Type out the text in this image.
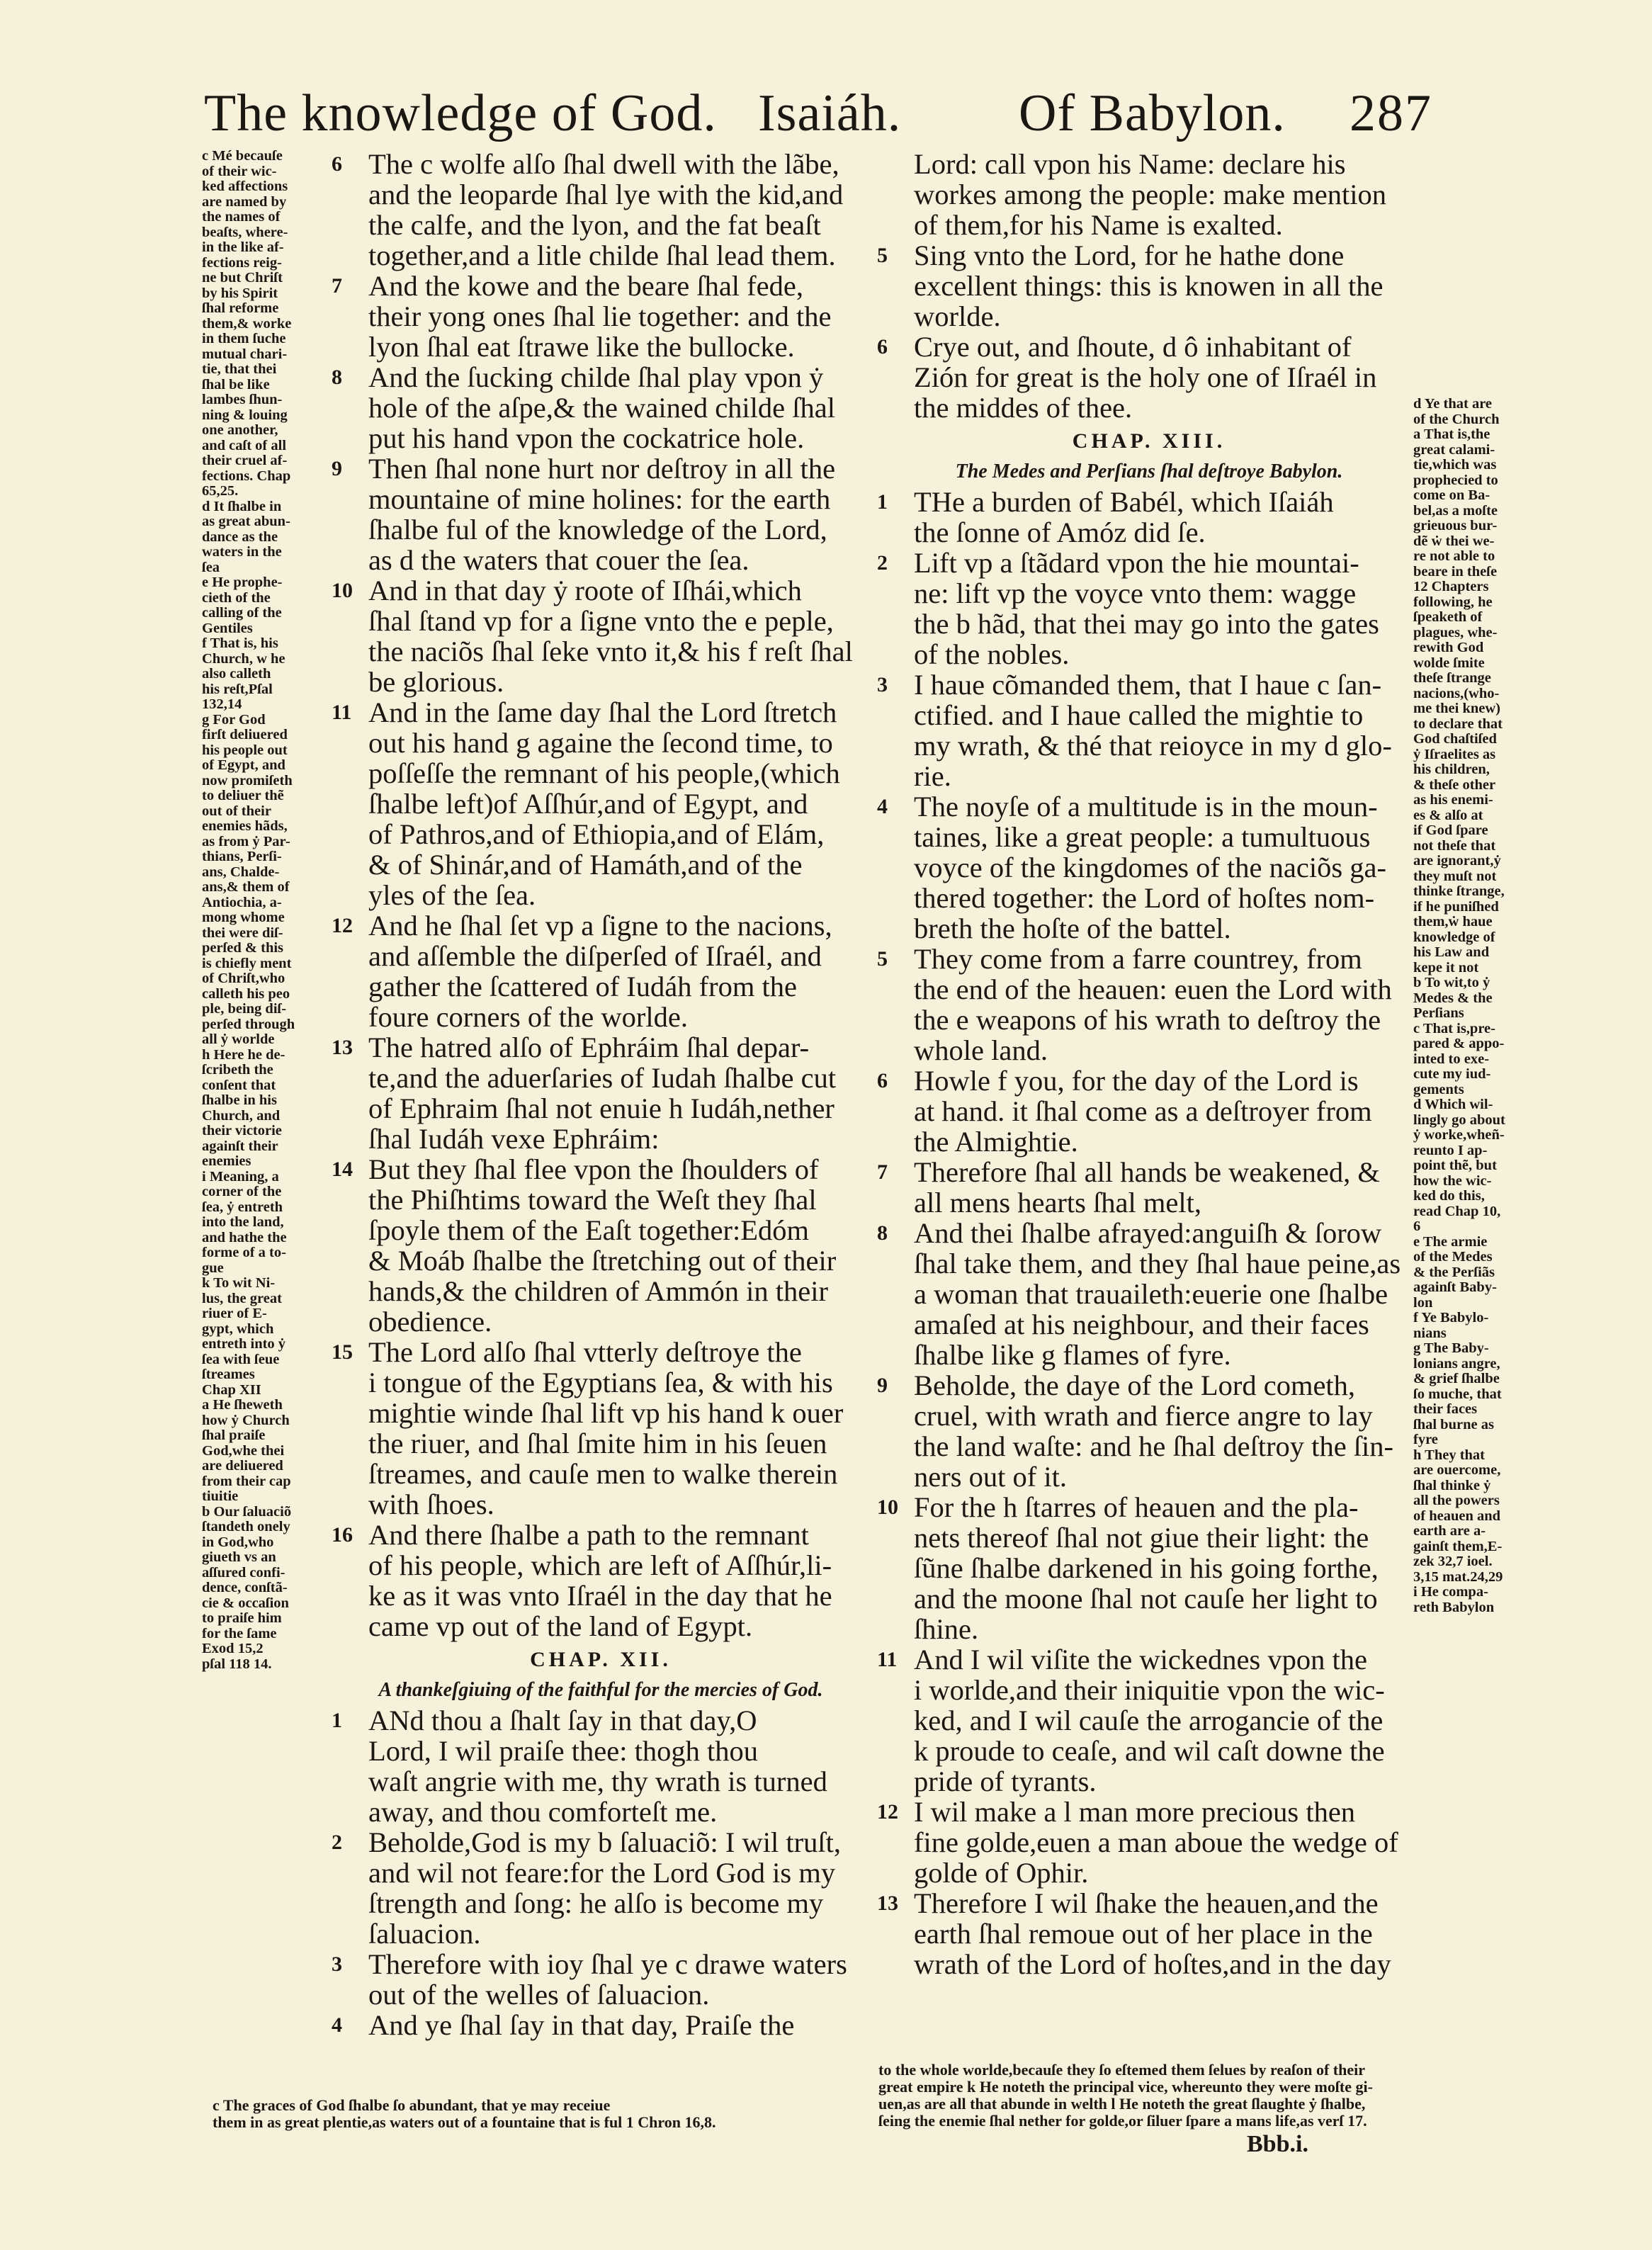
The knowledge of God. Isaiáh. Of Babylon. 287
c Mé becauſe
of their wic-
ked affections
are named by
the names of
beaſts, where-
in the like af-
fections reig-
ne but Chriſt
by his Spirit
ſhal reforme
them,& worke
in them ſuche
mutual chari-
tie, that thei
ſhal be like
lambes ſhun-
ning & louing
one another,
and caſt of all
their cruel af-
fections. Chap
65,25.
d It ſhalbe in
as great abun-
dance as the
waters in the
ſea
e He prophe-
cieth of the
calling of the
Gentiles
f That is, his
Church, w he
also calleth
his reſt,Pſal
132,14
g For God
firſt deliuered
his people out
of Egypt, and
now promiſeth
to deliuer thẽ
out of their
enemies hãds,
as from ẏ Par-
thians, Perſi-
ans, Chalde-
ans,& them of
Antiochia, a-
mong whome
thei were diſ-
perſed & this
is chiefly ment
of Chriſt,who
calleth his peo
ple, being diſ-
perſed through
all ẏ worlde
h Here he de-
ſcribeth the
conſent that
ſhalbe in his
Church, and
their victorie
againſt their
enemies
i Meaning, a
corner of the
ſea, ẏ entreth
into the land,
and hathe the
forme of a to-
gue
k To wit Ni-
lus, the great
riuer of E-
gypt, which
entreth into ẏ
ſea with ſeue
ſtreames
Chap XII
a He ſheweth
how ẏ Church
ſhal praiſe
God,whe thei
are deliuered
from their cap
tiuitie
b Our ſaluaciõ
ſtandeth onely
in God,who
giueth vs an
aſſured confi-
dence, conſtã-
cie & occaſion
to praiſe him
for the ſame
Exod 15,2
pſal 118 14.
6 The c wolfe alſo ſhal dwell with the lãbe,
and the leoparde ſhal lye with the kid,and
the calfe, and the lyon, and the fat beaſt
together,and a litle childe ſhal lead them.
7 And the kowe and the beare ſhal fede,
their yong ones ſhal lie together: and the
lyon ſhal eat ſtrawe like the bullocke.
8 And the ſucking childe ſhal play vpon ẏ
hole of the aſpe,& the wained childe ſhal
put his hand vpon the cockatrice hole.
9 Then ſhal none hurt nor deſtroy in all the
mountaine of mine holines: for the earth
ſhalbe ful of the knowledge of the Lord,
as d the waters that couer the ſea.
10 And in that day ẏ roote of Iſhái,which
ſhal ſtand vp for a ſigne vnto the e peple,
the naciõs ſhal ſeke vnto it,& his f reſt ſhal
be glorious.
11 And in the ſame day ſhal the Lord ſtretch
out his hand g againe the ſecond time, to
poſſeſſe the remnant of his people,(which
ſhalbe left)of Aſſhúr,and of Egypt, and
of Pathros,and of Ethiopia,and of Elám,
& of Shinár,and of Hamáth,and of the
yles of the ſea.
12 And he ſhal ſet vp a ſigne to the nacions,
and aſſemble the diſperſed of Iſraél, and
gather the ſcattered of Iudáh from the
foure corners of the worlde.
13 The hatred alſo of Ephráim ſhal depar-
te,and the aduerſaries of Iudah ſhalbe cut
of Ephraim ſhal not enuie h Iudáh,nether
ſhal Iudáh vexe Ephráim:
14 But they ſhal flee vpon the ſhoulders of
the Phiſhtims toward the Weſt they ſhal
ſpoyle them of the Eaſt together:Edóm
& Moáb ſhalbe the ſtretching out of their
hands,& the children of Ammón in their
obedience.
15 The Lord alſo ſhal vtterly deſtroye the
i tongue of the Egyptians ſea, & with his
mightie winde ſhal lift vp his hand k ouer
the riuer, and ſhal ſmite him in his ſeuen
ſtreames, and cauſe men to walke therein
with ſhoes.
16 And there ſhalbe a path to the remnant
of his people, which are left of Aſſhúr,li-
ke as it was vnto Iſraél in the day that he
came vp out of the land of Egypt.
CHAP. XII.
A thankeſgiuing of the faithful for the mercies of God.
1 ANd thou a ſhalt ſay in that day,O
Lord, I wil praiſe thee: thogh thou
waſt angrie with me, thy wrath is turned
away, and thou comforteſt me.
2 Beholde,God is my b ſaluaciõ: I wil truſt,
and wil not feare:for the Lord God is my
ſtrength and ſong: he alſo is become my
ſaluacion.
3 Therefore with ioy ſhal ye c drawe waters
out of the welles of ſaluacion.
4 And ye ſhal ſay in that day, Praiſe the
Lord: call vpon his Name: declare his
workes among the people: make mention
of them,for his Name is exalted.
5 Sing vnto the Lord, for he hathe done
excellent things: this is knowen in all the
worlde.
6 Crye out, and ſhoute, d ô inhabitant of
Zión for great is the holy one of Iſraél in
the middes of thee.
CHAP. XIII.
The Medes and Perſians ſhal deſtroye Babylon.
1 THe a burden of Babél, which Iſaiáh
the ſonne of Amóz did ſe.
2 Lift vp a ſtãdard vpon the hie mountai-
ne: lift vp the voyce vnto them: wagge
the b hãd, that thei may go into the gates
of the nobles.
3 I haue cõmanded them, that I haue c ſan-
ctified. and I haue called the mightie to
my wrath, & thé that reioyce in my d glo-
rie.
4 The noyſe of a multitude is in the moun-
taines, like a great people: a tumultuous
voyce of the kingdomes of the naciõs ga-
thered together: the Lord of hoſtes nom-
breth the hoſte of the battel.
5 They come from a farre countrey, from
the end of the heauen: euen the Lord with
the e weapons of his wrath to deſtroy the
whole land.
6 Howle f you, for the day of the Lord is
at hand. it ſhal come as a deſtroyer from
the Almightie.
7 Therefore ſhal all hands be weakened, &
all mens hearts ſhal melt,
8 And thei ſhalbe afrayed:anguiſh & ſorow
ſhal take them, and they ſhal haue peine,as
a woman that trauaileth:euerie one ſhalbe
amaſed at his neighbour, and their faces
ſhalbe like g flames of fyre.
9 Beholde, the daye of the Lord cometh,
cruel, with wrath and fierce angre to lay
the land waſte: and he ſhal deſtroy the ſin-
ners out of it.
10 For the h ſtarres of heauen and the pla-
nets thereof ſhal not giue their light: the
ſũne ſhalbe darkened in his going forthe,
and the moone ſhal not cauſe her light to
ſhine.
11 And I wil viſite the wickednes vpon the
i worlde,and their iniquitie vpon the wic-
ked, and I wil cauſe the arrogancie of the
k proude to ceaſe, and wil caſt downe the
pride of tyrants.
12 I wil make a l man more precious then
fine golde,euen a man aboue the wedge of
golde of Ophir.
13 Therefore I wil ſhake the heauen,and the
earth ſhal remoue out of her place in the
wrath of the Lord of hoſtes,and in the day
d Ye that are
of the Church
a That is,the
great calami-
tie,which was
prophecied to
come on Ba-
bel,as a moſte
grieuous bur-
dẽ ẇ thei we-
re not able to
beare in theſe
12 Chapters
following, he
ſpeaketh of
plagues, whe-
rewith God
wolde ſmite
theſe ſtrange
nacions,(who-
me thei knew)
to declare that
God chaſtiſed
ẏ Iſraelites as
his children,
& theſe other
as his enemi-
es & alſo at
if God ſpare
not theſe that
are ignorant,ẏ
they muſt not
thinke ſtrange,
if he puniſhed
them,ẇ haue
knowledge of
his Law and
kepe it not
b To wit,to ẏ
Medes & the
Perſians
c That is,pre-
pared & appo-
inted to exe-
cute my iud-
gements
d Which wil-
lingly go about
ẏ worke,wheñ-
reunto I ap-
point thẽ, but
how the wic-
ked do this,
read Chap 10,
6
e The armie
of the Medes
& the Perſiãs
againſt Baby-
lon
f Ye Babylo-
nians
g The Baby-
lonians angre,
& grief ſhalbe
ſo muche, that
their faces
ſhal burne as
fyre
h They that
are ouercome,
ſhal thinke ẏ
all the powers
of heauen and
earth are a-
gainſt them,E-
zek 32,7 ioel.
3,15 mat.24,29
i He compa-
reth Babylon
c The graces of God ſhalbe ſo abundant, that ye may receiue
them in as great plentie,as waters out of a fountaine that is ful 1 Chron 16,8.
to the whole worlde,becauſe they ſo eſtemed them ſelues by reaſon of their
great empire k He noteth the principal vice, whereunto they were moſte gi-
uen,as are all that abunde in welth l He noteth the great ſlaughte ẏ ſhalbe,
ſeing the enemie ſhal nether for golde,or ſiluer ſpare a mans life,as verſ 17.
Bbb.i.
